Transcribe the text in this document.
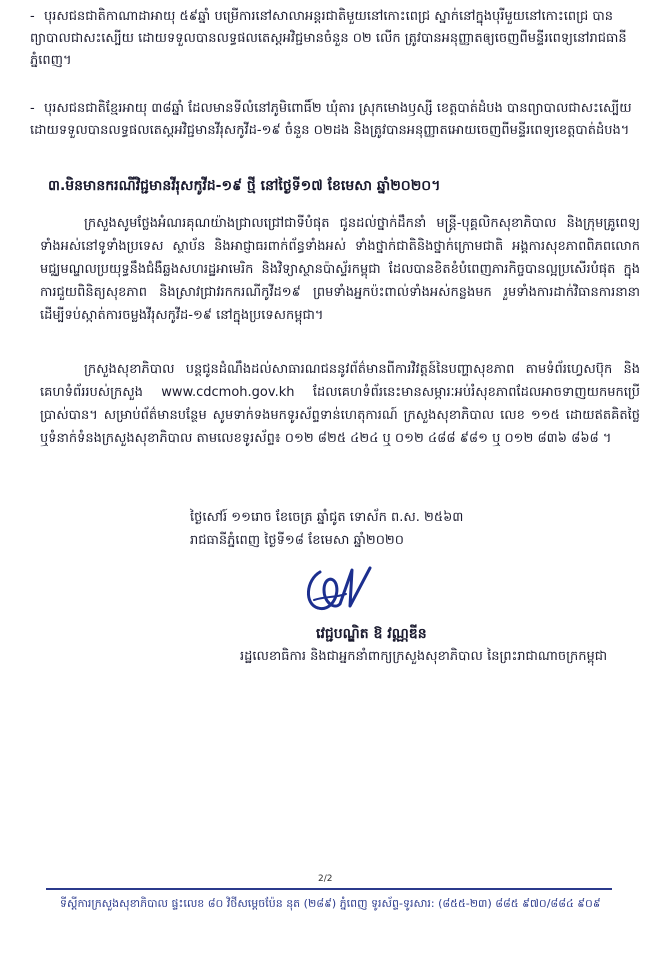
- បុរសជនជាតិកាណាដាអាយុ ៥៩ឆ្នាំ បម្រើការនៅសាលាអន្តរជាតិមួយនៅកោះពេជ្រ ស្នាក់នៅក្នុងបុរីមួយនៅកោះពេជ្រ បានព្យាបាលជាសះស្បើយ ដោយទទួលបានលទ្ធផលតេស្តអវិជ្ជមានចំនួន ០២ លើក ត្រូវបានអនុញ្ញាតឲ្យចេញពីមន្ទីរពេទ្យនៅរាជធានីភ្នំពេញ។

- បុរសជនជាតិខ្មែរអាយុ ៣៨ឆ្នាំ ដែលមានទីលំនៅភូមិពោធិ៍២ ឃុំតារ ស្រុកមោងឫស្សី ខេត្តបាត់ដំបង បានព្យាបាលជាសះស្បើយ ដោយទទួលបានលទ្ធផលតេស្តអវិជ្ជមានវីរុសកូវីដ-១៩ ចំនួន ០២ដង និងត្រូវបានអនុញ្ញាតអោយចេញពីមន្ទីរពេទ្យខេត្តបាត់ដំបង។

៣.មិនមានករណីវិជ្ជមានវីរុសកូវីដ-១៩ ថ្មី នៅថ្ងៃទី១៧ ខែមេសា ឆ្នាំ២០២០។

ក្រសួងសូមថ្លែងអំណរគុណយ៉ាងជ្រាលជ្រៅជាទីបំផុត ជូនដល់ថ្នាក់ដឹកនាំ មន្ត្រី-បុគ្គលិកសុខាភិបាល និងក្រុមគ្រូពេទ្យទាំងអស់នៅទូទាំងប្រទេស ស្ថាប័ន និងអាជ្ញាធរពាក់ព័ន្ធទាំងអស់ ទាំងថ្នាក់ជាតិនិងថ្នាក់ក្រោមជាតិ អង្គការសុខភាពពិភពលោក មជ្ឈមណ្ឌលប្រយុទ្ធនឹងជំងឺឆ្លងសហរដ្ឋអាមេរិក និងវិទ្យាស្ថានប៉ាស្ទ័រកម្ពុជា ដែលបានខិតខំបំពេញភារកិច្ចបានល្អប្រសើរបំផុត ក្នុងការជួយពិនិត្យសុខភាព និងស្រាវជ្រាវរកករណីកូវីដ១៩ ព្រមទាំងអ្នកប៉ះពាល់ទាំងអស់កន្លងមក រួមទាំងការដាក់វិធានការនានា ដើម្បីទប់ស្កាត់ការចម្លងវីរុសកូវីដ-១៩ នៅក្នុងប្រទេសកម្ពុជា។

ក្រសួងសុខាភិបាល បន្តជូនដំណឹងដល់សាធារណជននូវព័ត៌មានពីការវិវត្តន៍នៃបញ្ហាសុខភាព តាមទំព័រហ្វេសប៊ុក និងគេហទំព័ររបស់ក្រសួង www.cdcmoh.gov.kh ដែលគេហទំព័រនេះមានសម្ភារៈអប់រំសុខភាពដែលអាចទាញយកមកប្រើប្រាស់បាន។ សម្រាប់ព័ត៌មានបន្ថែម សូមទាក់ទងមកទូរស័ព្ទទាន់ហេតុការណ៍ ក្រសួងសុខាភិបាល លេខ ១១៥ ដោយឥតគិតថ្លៃ ឬទំនាក់ទំនងក្រសួងសុខាភិបាល តាមលេខទូរស័ព្ទ៖ ០១២ ៨២៥ ៤២៤ ឬ ០១២ ៤៨៨ ៩៨១ ឬ ០១២ ៨៣៦ ៨៦៨ ។

ថ្ងៃសៅរ៍ ១១រោច ខែចេត្រ ឆ្នាំជូត ទោស័ក ព.ស. ២៥៦៣

រាជធានីភ្នំពេញ ថ្ងៃទី១៨ ខែមេសា ឆ្នាំ២០២០

វេជ្ជបណ្ឌិត ឱ វណ្ណឌីន

រដ្ឋលេខាធិការ និងជាអ្នកនាំពាក្យក្រសួងសុខាភិបាល នៃព្រះរាជាណាចក្រកម្ពុជា

2/2

ទីស្តីការក្រសួងសុខាភិបាល ផ្ទះលេខ ៨០ វិថីសម្តេចប៉ែន នុត (២៨៩) ភ្នំពេញ ទូរស័ព្ទ-ទូរសារ: (៨៥៥-២៣) ៨៨៥ ៩៧០/៨៨៤ ៩០៩
